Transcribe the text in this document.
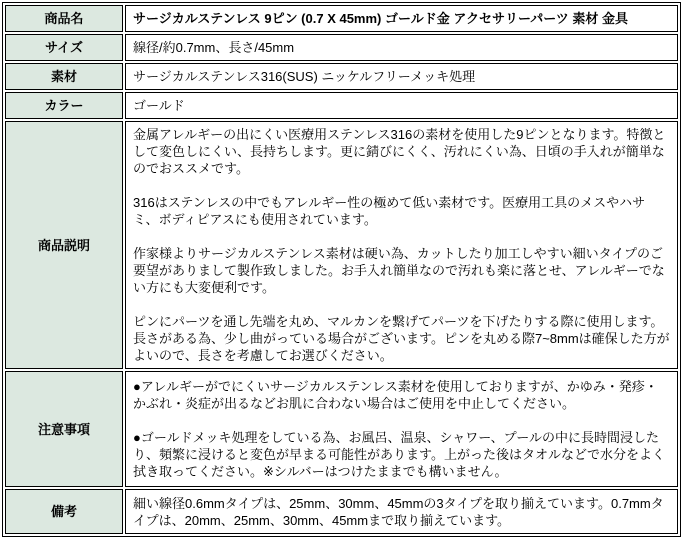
商品名	サージカルステンレス 9ピン (0.7 X 45mm) ゴールド金 アクセサリーパーツ 素材 金具

サイズ	線径/約0.7mm、長さ/45mm

素材	サージカルステンレス316(SUS) ニッケルフリーメッキ処理

カラー	ゴールド

商品説明	金属アレルギーの出にくい医療用ステンレス316の素材を使用した9ピンとなります。特徴として変色しにくい、長持ちします。更に錆びにくく、汚れにくい為、日頃の手入れが簡単なのでおススメです。
316はステンレスの中でもアレルギー性の極めて低い素材です。医療用工具のメスやハサミ、ボディピアスにも使用されています。
作家様よりサージカルステンレス素材は硬い為、カットしたり加工しやすい細いタイプのご要望がありまして製作致しました。お手入れ簡単なので汚れも楽に落とせ、アレルギーでない方にも大変便利です。
ピンにパーツを通し先端を丸め、マルカンを繋げてパーツを下げたりする際に使用します。長さがある為、少し曲がっている場合がございます。ピンを丸める際7~8mmは確保した方がよいので、長さを考慮してお選びください。

注意事項	●アレルギーがでにくいサージカルステンレス素材を使用しておりますが、かゆみ・発疹・かぶれ・炎症が出るなどお肌に合わない場合はご使用を中止してください。
●ゴールドメッキ処理をしている為、お風呂、温泉、シャワー、プールの中に長時間浸したり、頻繁に浸けると変色が早まる可能性があります。上がった後はタオルなどで水分をよく拭き取ってください。※シルバーはつけたままでも構いません。

備考	細い線径0.6mmタイプは、25mm、30mm、45mmの3タイプを取り揃えています。0.7mmタイプは、20mm、25mm、30mm、45mmまで取り揃えています。
